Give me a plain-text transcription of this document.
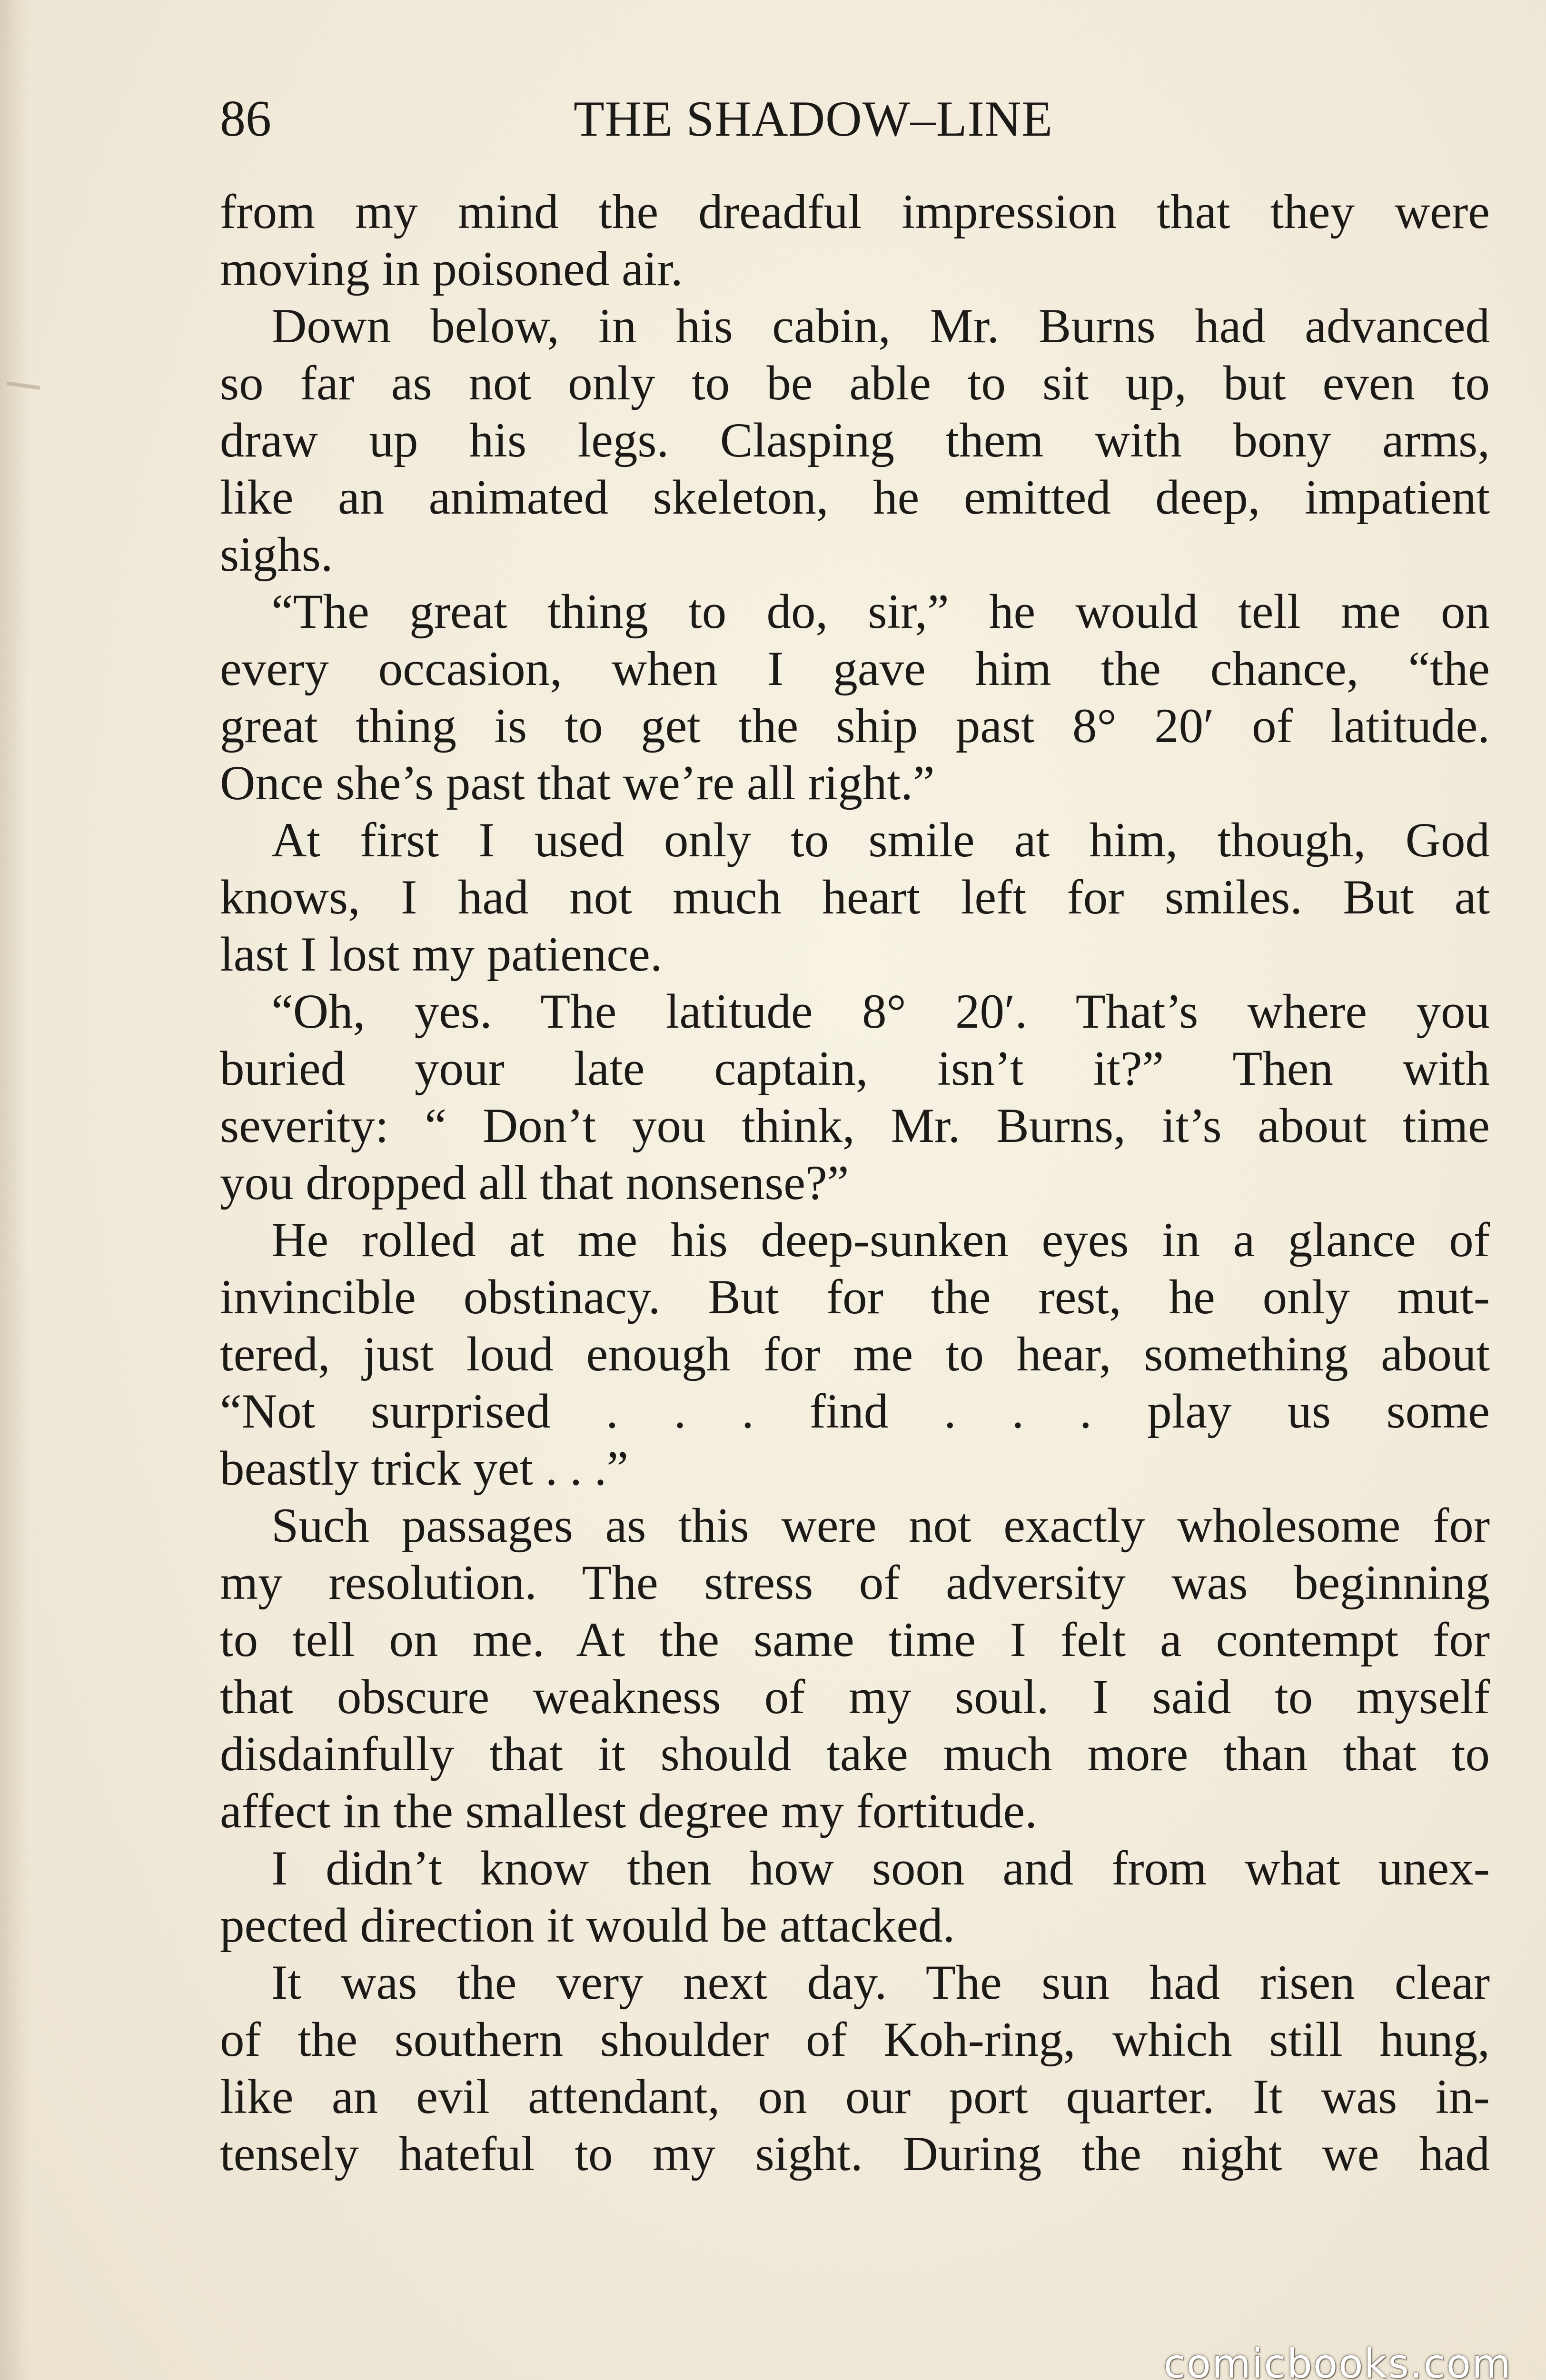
86	THE SHADOW–LINE
from my mind the dreadful impression that they were
moving in poisoned air.
Down below, in his cabin, Mr. Burns had advanced
so far as not only to be able to sit up, but even to
draw up his legs. Clasping them with bony arms,
like an animated skeleton, he emitted deep, impatient
sighs.
“The great thing to do, sir,” he would tell me on
every occasion, when I gave him the chance, “the
great thing is to get the ship past 8° 20′ of latitude.
Once she’s past that we’re all right.”
At first I used only to smile at him, though, God
knows, I had not much heart left for smiles. But at
last I lost my patience.
“Oh, yes. The latitude 8° 20′. That’s where you
buried your late captain, isn’t it?” Then with
severity: “ Don’t you think, Mr. Burns, it’s about time
you dropped all that nonsense?”
He rolled at me his deep-sunken eyes in a glance of
invincible obstinacy. But for the rest, he only mut-
tered, just loud enough for me to hear, something about
“Not surprised . . . find . . . play us some
beastly trick yet . . .”
Such passages as this were not exactly wholesome for
my resolution. The stress of adversity was beginning
to tell on me. At the same time I felt a contempt for
that obscure weakness of my soul. I said to myself
disdainfully that it should take much more than that to
affect in the smallest degree my fortitude.
I didn’t know then how soon and from what unex-
pected direction it would be attacked.
It was the very next day. The sun had risen clear
of the southern shoulder of Koh-ring, which still hung,
like an evil attendant, on our port quarter. It was in-
tensely hateful to my sight. During the night we had
comicbooks.com
